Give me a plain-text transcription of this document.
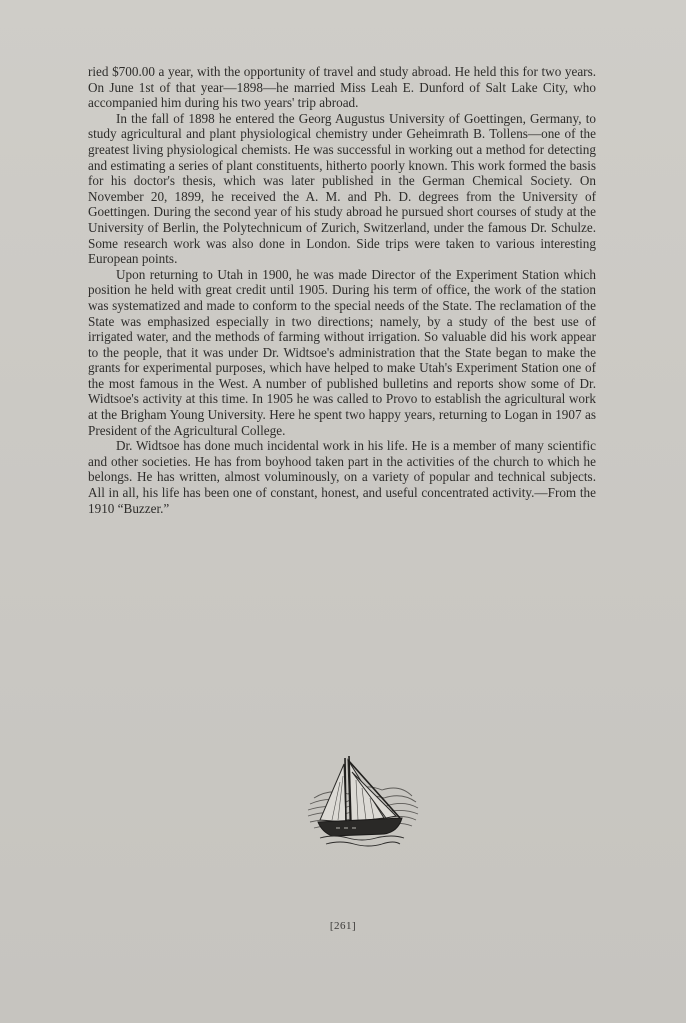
ried $700.00 a year, with the opportunity of travel and study abroad. He held this for two years. On June 1st of that year—1898—he married Miss Leah E. Dunford of Salt Lake City, who accompanied him during his two years' trip abroad.

In the fall of 1898 he entered the Georg Augustus University of Goettingen, Germany, to study agricultural and plant physiological chemistry under Geheimrath B. Tollens—one of the greatest living physiological chemists. He was successful in working out a method for detecting and estimating a series of plant constituents, hitherto poorly known. This work formed the basis for his doctor's thesis, which was later published in the German Chemical Society. On November 20, 1899, he received the A. M. and Ph. D. degrees from the University of Goettingen. During the second year of his study abroad he pursued short courses of study at the University of Berlin, the Polytechnicum of Zurich, Switzerland, under the famous Dr. Schulze. Some research work was also done in London. Side trips were taken to various interesting European points.

Upon returning to Utah in 1900, he was made Director of the Experiment Station which position he held with great credit until 1905. During his term of office, the work of the station was systematized and made to conform to the special needs of the State. The reclamation of the State was emphasized especially in two directions; namely, by a study of the best use of irrigated water, and the methods of farming without irrigation. So valuable did his work appear to the people, that it was under Dr. Widtsoe's administration that the State began to make the grants for experimental purposes, which have helped to make Utah's Experiment Station one of the most famous in the West. A number of published bulletins and reports show some of Dr. Widtsoe's activity at this time. In 1905 he was called to Provo to establish the agricultural work at the Brigham Young University. Here he spent two happy years, returning to Logan in 1907 as President of the Agricultural College.

Dr. Widtsoe has done much incidental work in his life. He is a member of many scientific and other societies. He has from boyhood taken part in the activities of the church to which he belongs. He has written, almost voluminously, on a variety of popular and technical subjects. All in all, his life has been one of constant, honest, and useful concentrated activity.—From the 1910 “Buzzer.”

[261]
